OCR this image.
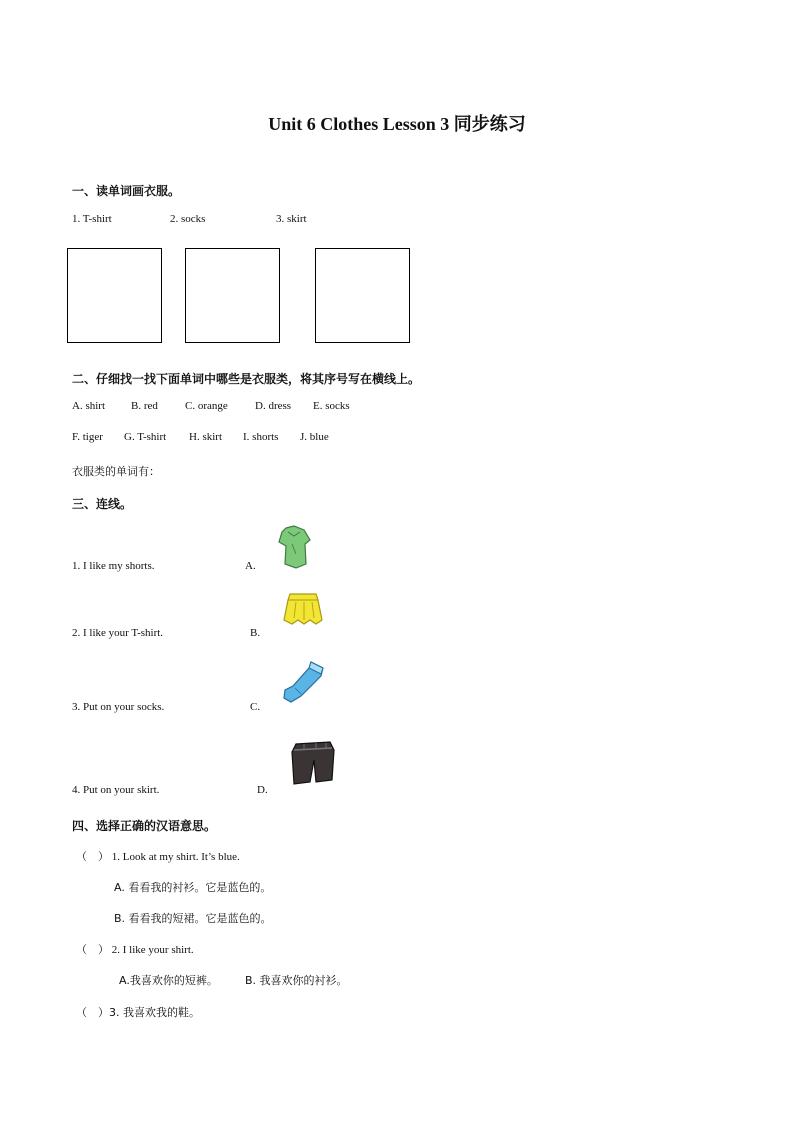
Unit 6 Clothes Lesson 3 同步练习
一、读单词画衣服。
1. T-shirt	2. socks	3. skirt
二、仔细找一找下面单词中哪些是衣服类，将其序号写在横线上。
A. shirt B. red C. orange D. dress E. socks
F. tiger G. T-shirt H. skirt I. shorts J. blue
衣服类的单词有：
三、连线。
1. I like my shorts.	A.
2. I like your T-shirt.	B.
3. Put on your socks.	C.
4. Put on your skirt.	D.
四、选择正确的汉语意思。
（　） 1. Look at my shirt. It’s blue.
A. 看看我的衬衫。它是蓝色的。
B. 看看我的短裙。它是蓝色的。
（　） 2. I like your shirt.
A.我喜欢你的短裤。 B. 我喜欢你的衬衫。
（　）3. 我喜欢我的鞋。
